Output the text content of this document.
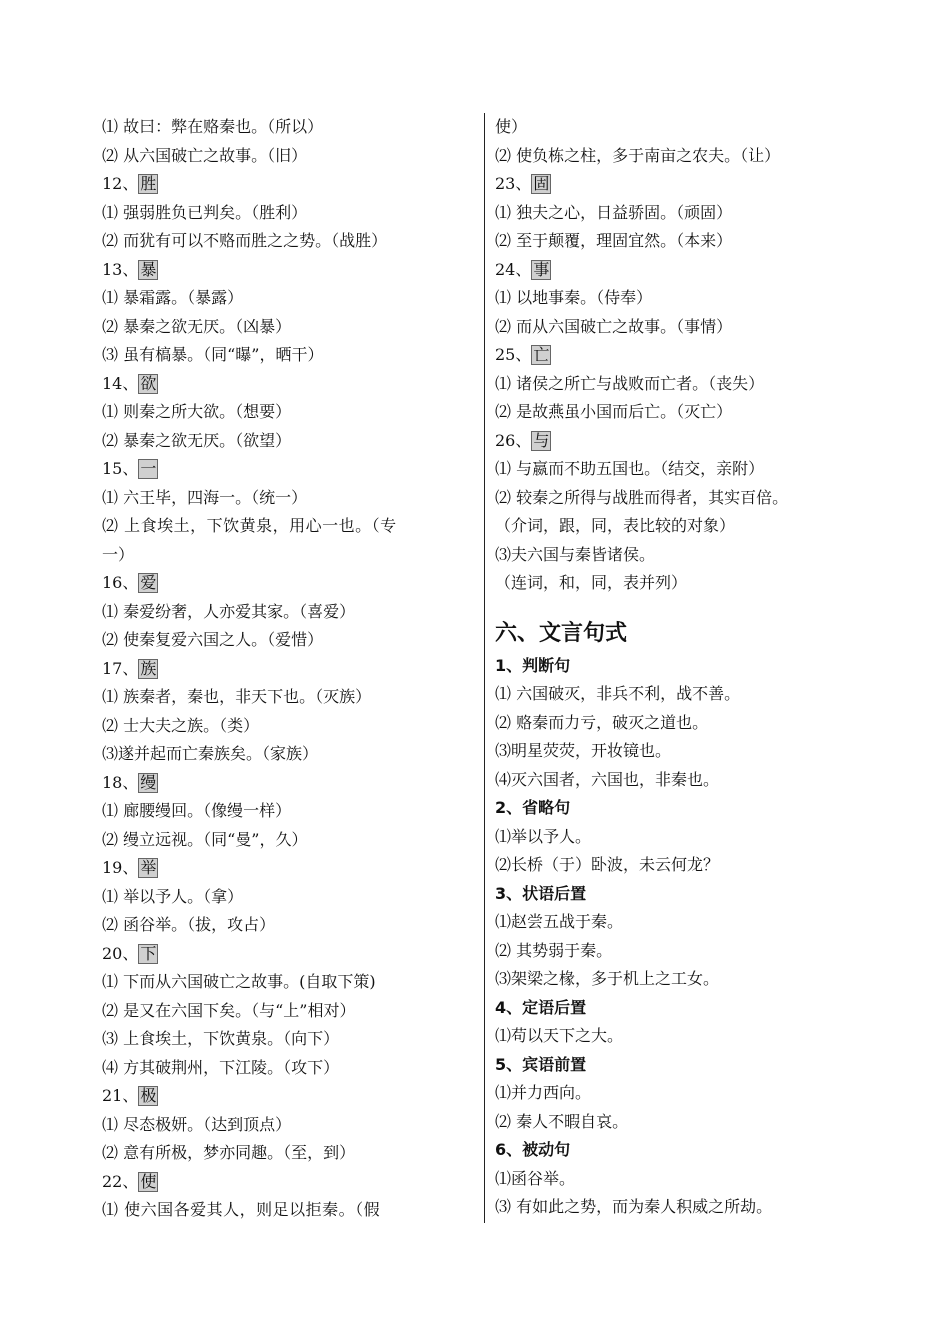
⑴ 故曰：弊在赂秦也。（所以）
⑵ 从六国破亡之故事。（旧）
12、 胜
⑴ 强弱胜负已判矣。（胜利）
⑵ 而犹有可以不赂而胜之之势。（战胜）
13、 暴
⑴ 暴霜露。（暴露）
⑵ 暴秦之欲无厌。（凶暴）
⑶ 虽有槁暴。（同“曝”，晒干）
14、 欲
⑴ 则秦之所大欲。（想要）
⑵ 暴秦之欲无厌。（欲望）
15、 一
⑴ 六王毕，四海一。（统一）
⑵ 上食埃土，下饮黄泉，用心一也。（专
一）
16、 爱
⑴ 秦爱纷奢，人亦爱其家。（喜爱）
⑵ 使秦复爱六国之人。（爱惜）
17、 族
⑴ 族秦者，秦也，非天下也。（灭族）
⑵ 士大夫之族。（类）
⑶遂并起而亡秦族矣。（家族）
18、 缦
⑴ 廊腰缦回。（像缦一样）
⑵ 缦立远视。（同“曼”，久）
19、 举
⑴ 举以予人。（拿）
⑵ 函谷举。（拔，攻占）
20、 下
⑴ 下而从六国破亡之故事。(自取下策)
⑵ 是又在六国下矣。（与“上”相对）
⑶ 上食埃土，下饮黄泉。（向下）
⑷ 方其破荆州，下江陵。（攻下）
21、 极
⑴ 尽态极妍。（达到顶点）
⑵ 意有所极，梦亦同趣。（至，到）
22、 使
⑴ 使六国各爱其人，则足以拒秦。（假
使）
⑵ 使负栋之柱，多于南亩之农夫。（让）
23、 固
⑴ 独夫之心，日益骄固。（顽固）
⑵ 至于颠覆，理固宜然。（本来）
24、 事
⑴ 以地事秦。（侍奉）
⑵ 而从六国破亡之故事。（事情）
25、 亡
⑴ 诸侯之所亡与战败而亡者。（丧失）
⑵ 是故燕虽小国而后亡。（灭亡）
26、 与
⑴ 与嬴而不助五国也。（结交，亲附）
⑵ 较秦之所得与战胜而得者，其实百倍。
（介词，跟，同，表比较的对象）
⑶夫六国与秦皆诸侯。
（连词，和，同，表并列）
六、文言句式
1、判断句
⑴ 六国破灭，非兵不利，战不善。
⑵ 赂秦而力亏，破灭之道也。
⑶明星荧荧，开妆镜也。
⑷灭六国者，六国也，非秦也。
2、省略句
⑴举以予人。
⑵长桥（于）卧波，未云何龙？
3、状语后置
⑴赵尝五战于秦。
⑵ 其势弱于秦。
⑶架梁之椽，多于机上之工女。
4、定语后置
⑴苟以天下之大。
5、宾语前置
⑴并力西向。
⑵ 秦人不暇自哀。
6、被动句
⑴函谷举。
⑶ 有如此之势，而为秦人积威之所劫。
